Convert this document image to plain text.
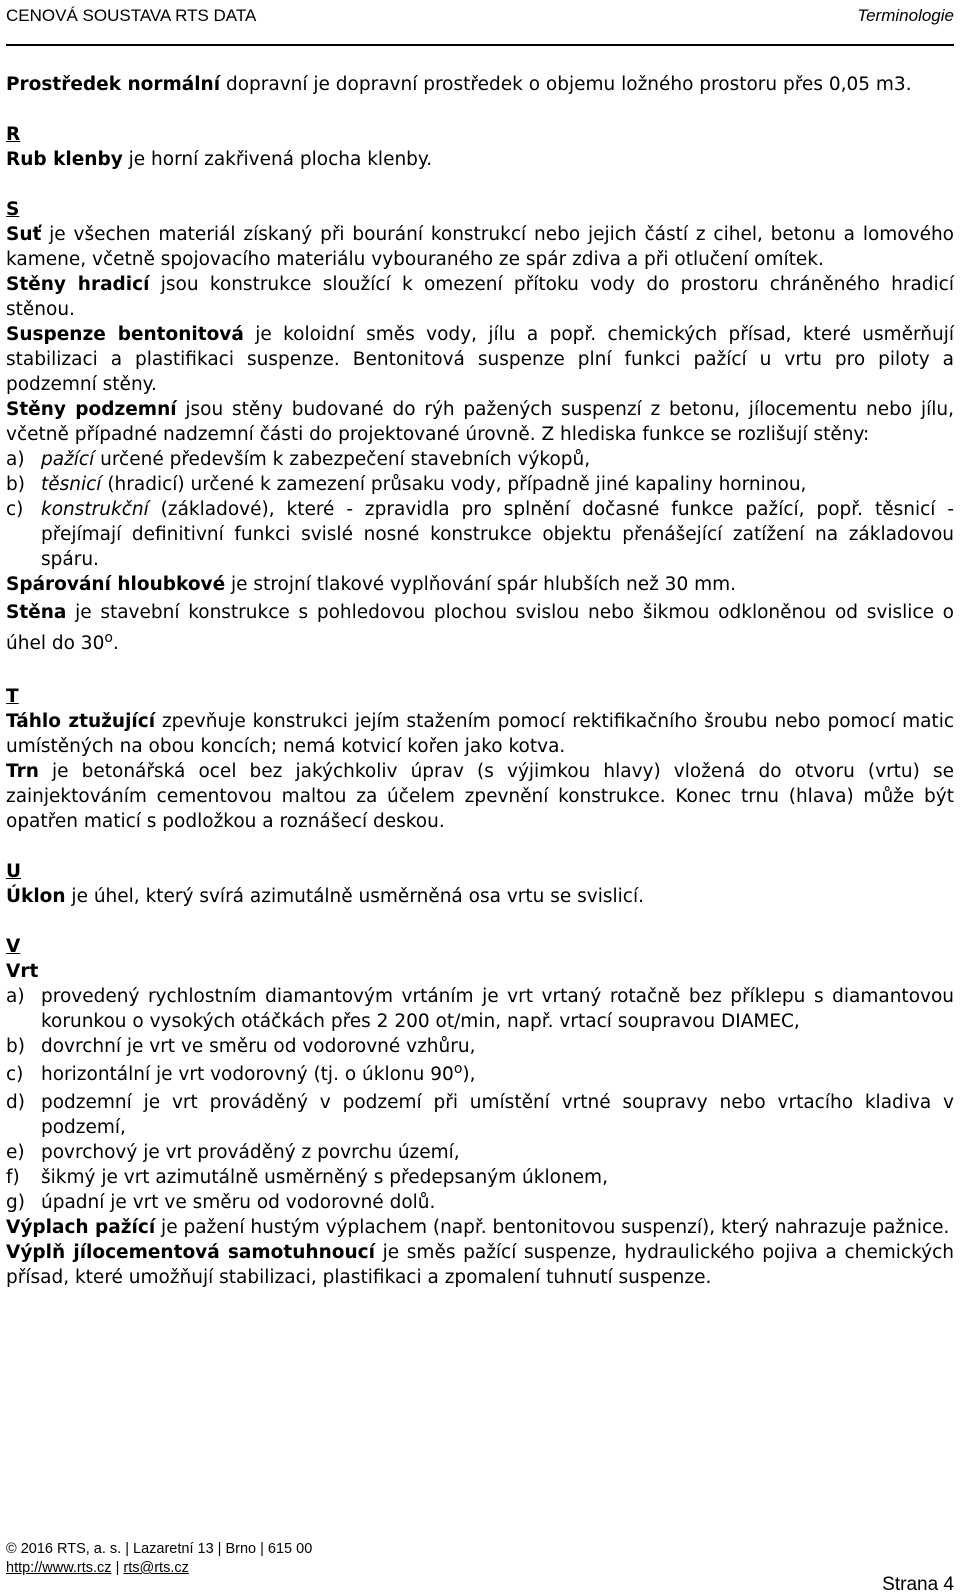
CENOVÁ SOUSTAVA RTS DATA	Terminologie

Prostředek normální dopravní je dopravní prostředek o objemu ložného prostoru přes 0,05 m3.

R

Rub klenby je horní zakřivená plocha klenby.

S

Suť je všechen materiál získaný při bourání konstrukcí nebo jejich částí z cihel, betonu a lomového kamene, včetně spojovacího materiálu vybouraného ze spár zdiva a při otlučení omítek.

Stěny hradicí jsou konstrukce sloužící k omezení přítoku vody do prostoru chráněného hradicí stěnou.

Suspenze bentonitová je koloidní směs vody, jílu a popř. chemických přísad, které usměrňují stabilizaci a plastifikaci suspenze. Bentonitová suspenze plní funkci pažící u vrtu pro piloty a podzemní stěny.

Stěny podzemní jsou stěny budované do rýh pažených suspenzí z betonu, jílocementu nebo jílu, včetně případné nadzemní části do projektované úrovně. Z hlediska funkce se rozlišují stěny:

a) pažící určené především k zabezpečení stavebních výkopů,

b) těsnicí (hradicí) určené k zamezení průsaku vody, případně jiné kapaliny horninou,

c) konstrukční (základové), které - zpravidla pro splnění dočasné funkce pažící, popř. těsnicí - přejímají definitivní funkci svislé nosné konstrukce objektu přenášející zatížení na základovou spáru.

Spárování hloubkové je strojní tlakové vyplňování spár hlubších než 30 mm.

Stěna je stavební konstrukce s pohledovou plochou svislou nebo šikmou odkloněnou od svislice o úhel do 30$^o$.

T

Táhlo ztužující zpevňuje konstrukci jejím stažením pomocí rektifikačního šroubu nebo pomocí matic umístěných na obou koncích; nemá kotvicí kořen jako kotva.

Trn je betonářská ocel bez jakýchkoliv úprav (s výjimkou hlavy) vložená do otvoru (vrtu) se zainjektováním cementovou maltou za účelem zpevnění konstrukce. Konec trnu (hlava) může být opatřen maticí s podložkou a roznášecí deskou.

U

Úklon je úhel, který svírá azimutálně usměrněná osa vrtu se svislicí.

V

Vrt

a) provedený rychlostním diamantovým vrtáním je vrt vrtaný rotačně bez příklepu s diamantovou korunkou o vysokých otáčkách přes 2 200 ot/min, např. vrtací soupravou DIAMEC,

b) dovrchní je vrt ve směru od vodorovné vzhůru,

c) horizontální je vrt vodorovný (tj. o úklonu 90$^o$),

d) podzemní je vrt prováděný v podzemí při umístění vrtné soupravy nebo vrtacího kladiva v podzemí,

e) povrchový je vrt prováděný z povrchu území,

f) šikmý je vrt azimutálně usměrněný s předepsaným úklonem,

g) úpadní je vrt ve směru od vodorovné dolů.

Výplach pažící je pažení hustým výplachem (např. bentonitovou suspenzí), který nahrazuje pažnice.

Výplň jílocementová samotuhnoucí je směs pažící suspenze, hydraulického pojiva a chemických přísad, které umožňují stabilizaci, plastifikaci a zpomalení tuhnutí suspenze.

© 2016 RTS, a. s. | Lazaretní 13 | Brno | 615 00
http://www.rts.cz | rts@rts.cz
Strana 4
